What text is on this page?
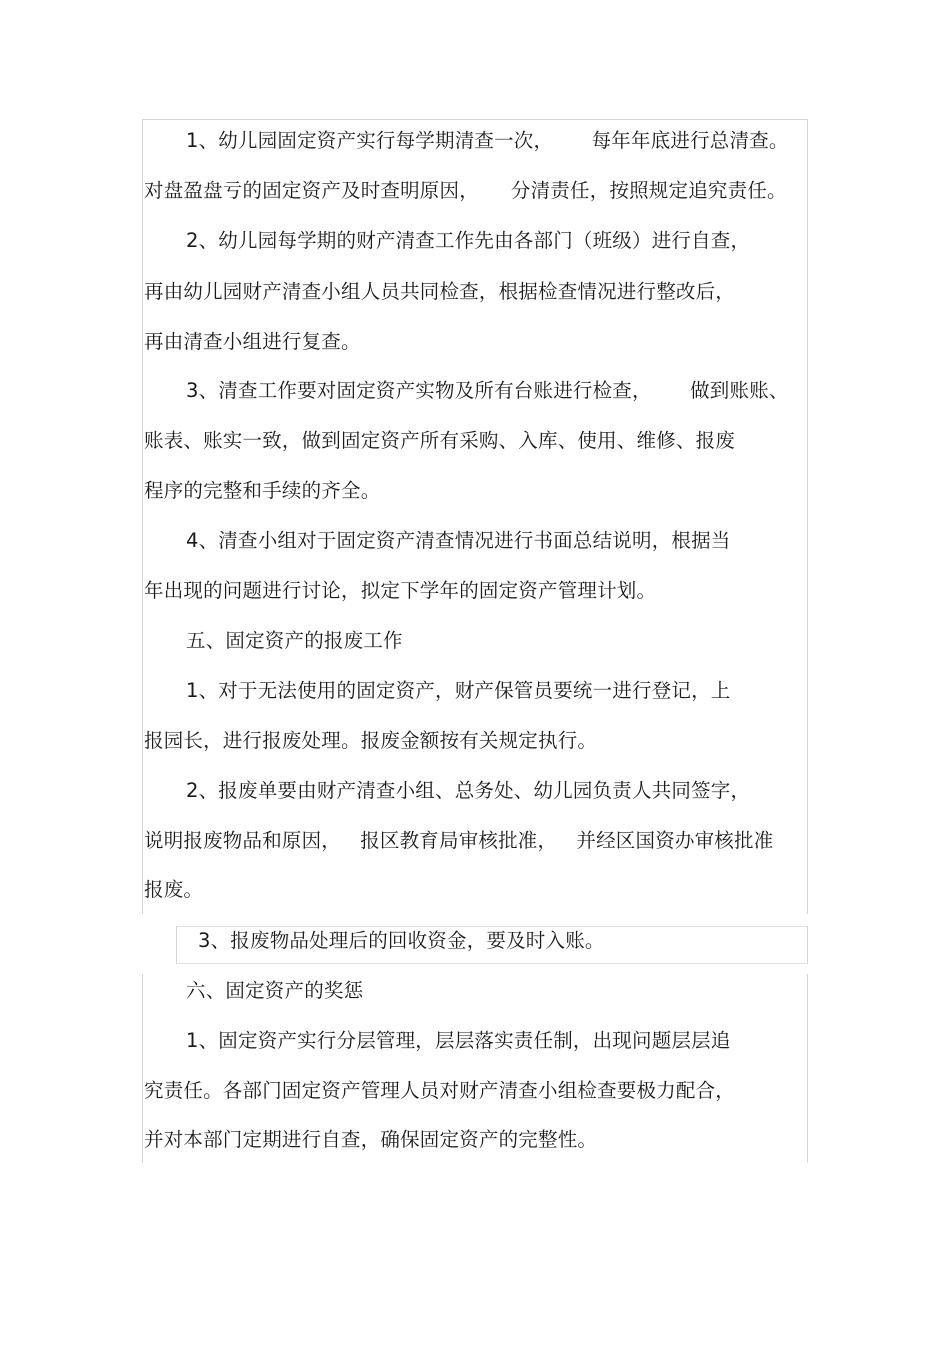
1、幼儿园固定资产实行每学期清查一次，      每年年底进行总清查。
对盘盈盘亏的固定资产及时查明原因，     分清责任，按照规定追究责任。
2、幼儿园每学期的财产清查工作先由各部门（班级）进行自查，
再由幼儿园财产清查小组人员共同检查，根据检查情况进行整改后，
再由清查小组进行复查。
3、清查工作要对固定资产实物及所有台账进行检查，      做到账账、
账表、账实一致，做到固定资产所有采购、入库、使用、维修、报废
程序的完整和手续的齐全。
4、清查小组对于固定资产清查情况进行书面总结说明，根据当
年出现的问题进行讨论，拟定下学年的固定资产管理计划。
五、固定资产的报废工作
1、对于无法使用的固定资产，财产保管员要统一进行登记，上
报园长，进行报废处理。报废金额按有关规定执行。
2、报废单要由财产清查小组、总务处、幼儿园负责人共同签字，
说明报废物品和原因，   报区教育局审核批准，   并经区国资办审核批准
报废。
3、报废物品处理后的回收资金，要及时入账。
六、固定资产的奖惩
1、固定资产实行分层管理，层层落实责任制，出现问题层层追
究责任。各部门固定资产管理人员对财产清查小组检查要极力配合，
并对本部门定期进行自查，确保固定资产的完整性。
